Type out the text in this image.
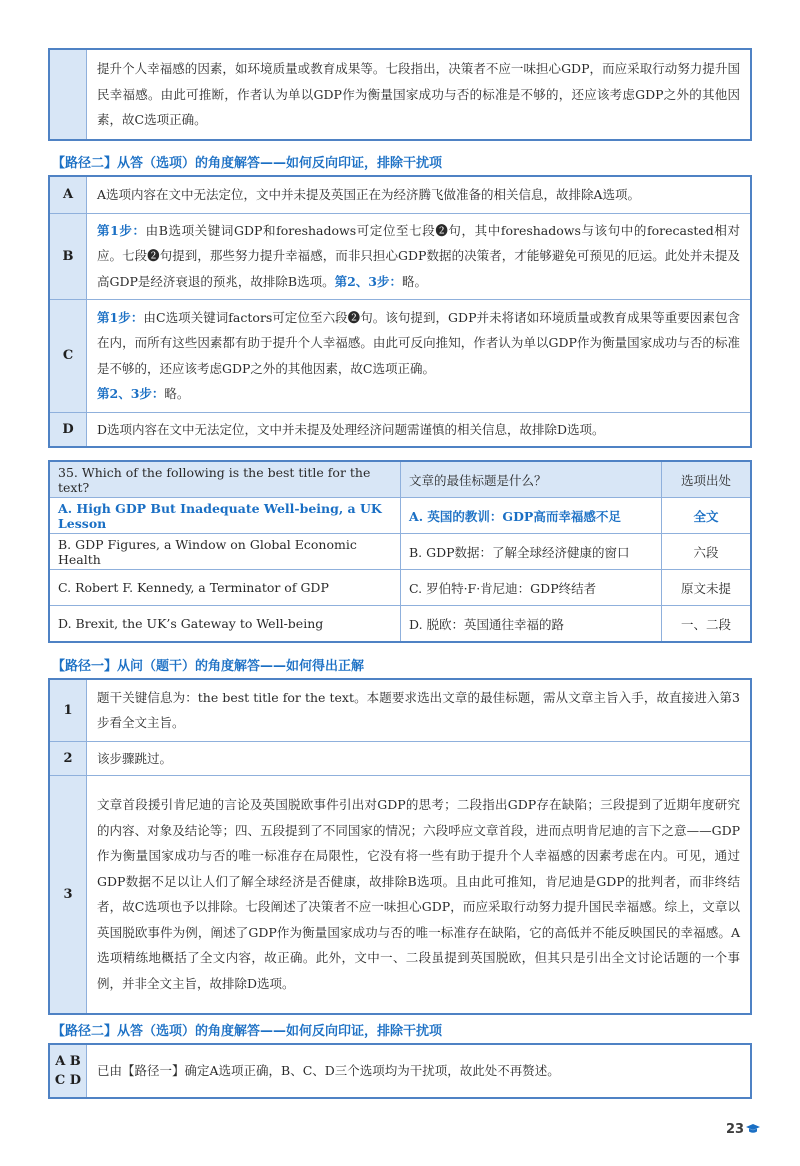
	提升个人幸福感的因素，如环境质量或教育成果等。七段指出，决策者不应一味担心GDP，而应采取行动努力提升国民幸福感。由此可推断，作者认为单以GDP作为衡量国家成功与否的标准是不够的，还应该考虑GDP之外的其他因素，故C选项正确。
【路径二】从答（选项）的角度解答——如何反向印证，排除干扰项
A	A选项内容在文中无法定位，文中并未提及英国正在为经济腾飞做准备的相关信息，故排除A选项。
B	第1步：由B选项关键词GDP和foreshadows可定位至七段❷句，其中foreshadows与该句中的forecasted相对应。七段❷句提到，那些努力提升幸福感，而非只担心GDP数据的决策者，才能够避免可预见的厄运。此处并未提及高GDP是经济衰退的预兆，故排除B选项。第2、3步：略。
C	第1步：由C选项关键词factors可定位至六段❷句。该句提到，GDP并未将诸如环境质量或教育成果等重要因素包含在内，而所有这些因素都有助于提升个人幸福感。由此可反向推知，作者认为单以GDP作为衡量国家成功与否的标准是不够的，还应该考虑GDP之外的其他因素，故C选项正确。
第2、3步：略。
D	D选项内容在文中无法定位，文中并未提及处理经济问题需谨慎的相关信息，故排除D选项。
35. Which of the following is the best title for the text?	文章的最佳标题是什么？	选项出处
A. High GDP But Inadequate Well-being, a UK Lesson	A. 英国的教训：GDP高而幸福感不足	全文
B. GDP Figures, a Window on Global Economic Health	B. GDP数据：了解全球经济健康的窗口	六段
C. Robert F. Kennedy, a Terminator of GDP	C. 罗伯特·F·肯尼迪：GDP终结者	原文未提
D. Brexit, the UK’s Gateway to Well-being	D. 脱欧：英国通往幸福的路	一、二段
【路径一】从问（题干）的角度解答——如何得出正解
1	题干关键信息为：the best title for the text。本题要求选出文章的最佳标题，需从文章主旨入手，故直接进入第3步看全文主旨。
2	该步骤跳过。
3	文章首段援引肯尼迪的言论及英国脱欧事件引出对GDP的思考；二段指出GDP存在缺陷；三段提到了近期年度研究的内容、对象及结论等；四、五段提到了不同国家的情况；六段呼应文章首段，进而点明肯尼迪的言下之意——GDP作为衡量国家成功与否的唯一标准存在局限性，它没有将一些有助于提升个人幸福感的因素考虑在内。可见，通过GDP数据不足以让人们了解全球经济是否健康，故排除B选项。且由此可推知，肯尼迪是GDP的批判者，而非终结者，故C选项也予以排除。七段阐述了决策者不应一味担心GDP，而应采取行动努力提升国民幸福感。综上，文章以英国脱欧事件为例，阐述了GDP作为衡量国家成功与否的唯一标准存在缺陷，它的高低并不能反映国民的幸福感。A选项精练地概括了全文内容，故正确。此外，文中一、二段虽提到英国脱欧，但其只是引出全文讨论话题的一个事例，并非全文主旨，故排除D选项。
【路径二】从答（选项）的角度解答——如何反向印证，排除干扰项
A B
C D
	已由【路径一】确定A选项正确，B、C、D三个选项均为干扰项，故此处不再赘述。
23
